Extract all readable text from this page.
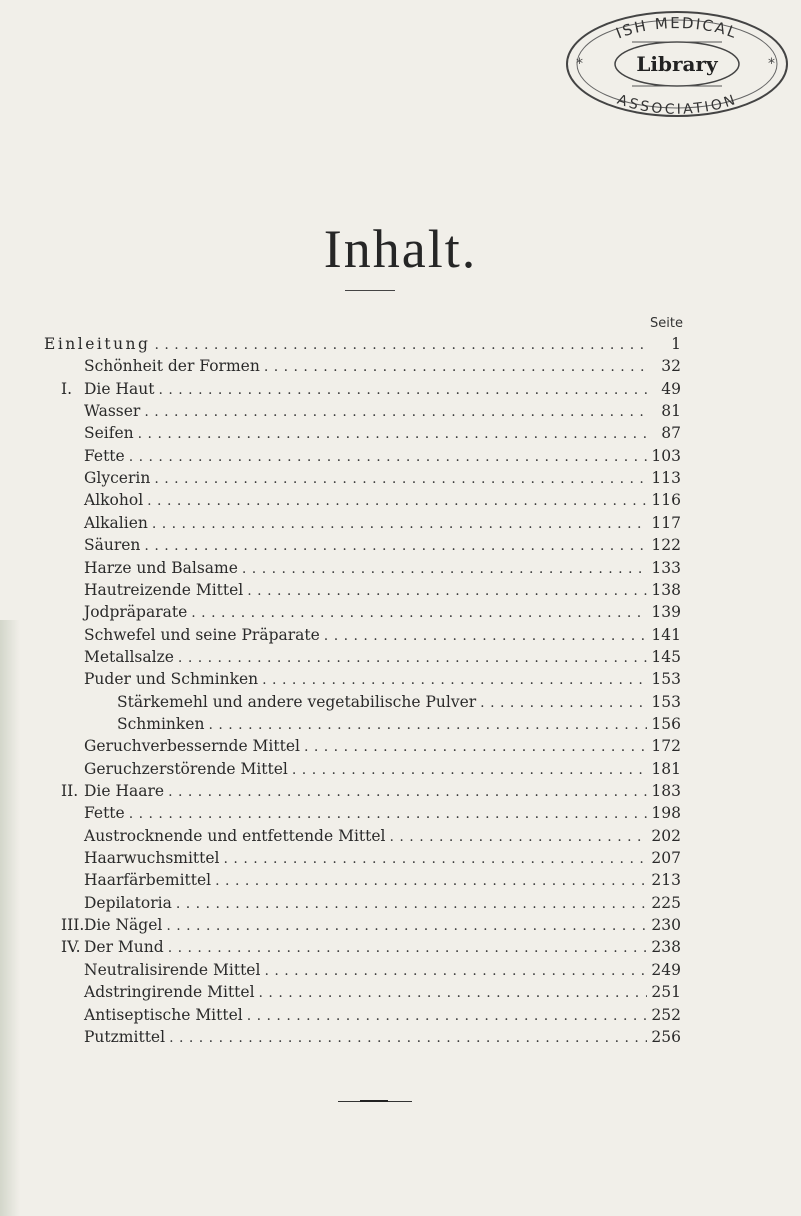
*	*
ISH MEDICAL
ASSOCIATION
Library
Inhalt.
Seite
Einleitung . . .	1
Schönheit der Formen . . .	32
I. Die Haut . . .	49
Wasser . . .	81
Seifen . . .	87
Fette . . .	103
Glycerin . . .	113
Alkohol . . .	116
Alkalien . . .	117
Säuren . . .	122
Harze und Balsame . . .	133
Hautreizende Mittel . . .	138
Jodpräparate . . .	139
Schwefel und seine Präparate . . .	141
Metallsalze . . .	145
Puder und Schminken . . .	153
Stärkemehl und andere vegetabilische Pulver . . .	153
Schminken . . .	156
Geruchverbessernde Mittel . . .	172
Geruchzerstörende Mittel . . .	181
II. Die Haare . . .	183
Fette . . .	198
Austrocknende und entfettende Mittel . . .	202
Haarwuchsmittel . . .	207
Haarfärbemittel . . .	213
Depilatoria . . .	225
III. Die Nägel . . .	230
IV. Der Mund . . .	238
Neutralisirende Mittel . . .	249
Adstringirende Mittel . . .	251
Antiseptische Mittel . . .	252
Putzmittel . . .	256
